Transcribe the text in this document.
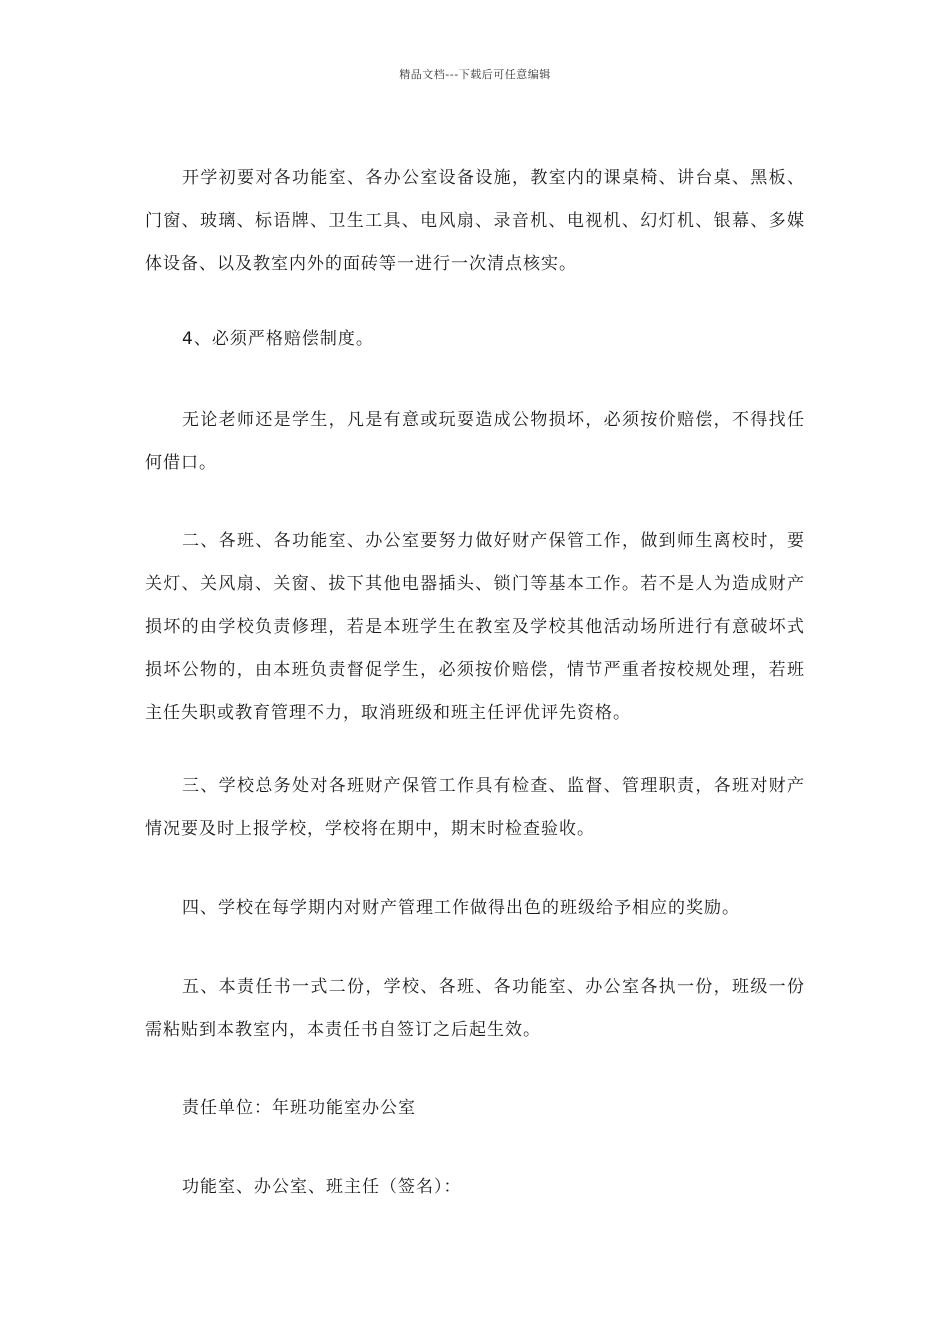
精品文档---下载后可任意编辑

开学初要对各功能室、各办公室设备设施，教室内的课桌椅、讲台桌、黑板、门窗、玻璃、标语牌、卫生工具、电风扇、录音机、电视机、幻灯机、银幕、多媒体设备、以及教室内外的面砖等一进行一次清点核实。

4、必须严格赔偿制度。

无论老师还是学生，凡是有意或玩耍造成公物损坏，必须按价赔偿，不得找任何借口。

二、各班、各功能室、办公室要努力做好财产保管工作，做到师生离校时，要关灯、关风扇、关窗、拔下其他电器插头、锁门等基本工作。若不是人为造成财产损坏的由学校负责修理，若是本班学生在教室及学校其他活动场所进行有意破坏式损坏公物的，由本班负责督促学生，必须按价赔偿，情节严重者按校规处理，若班主任失职或教育管理不力，取消班级和班主任评优评先资格。

三、学校总务处对各班财产保管工作具有检查、监督、管理职责，各班对财产情况要及时上报学校，学校将在期中，期末时检查验收。

四、学校在每学期内对财产管理工作做得出色的班级给予相应的奖励。

五、本责任书一式二份，学校、各班、各功能室、办公室各执一份，班级一份需粘贴到本教室内，本责任书自签订之后起生效。

责任单位：年班功能室办公室

功能室、办公室、班主任（签名）：
